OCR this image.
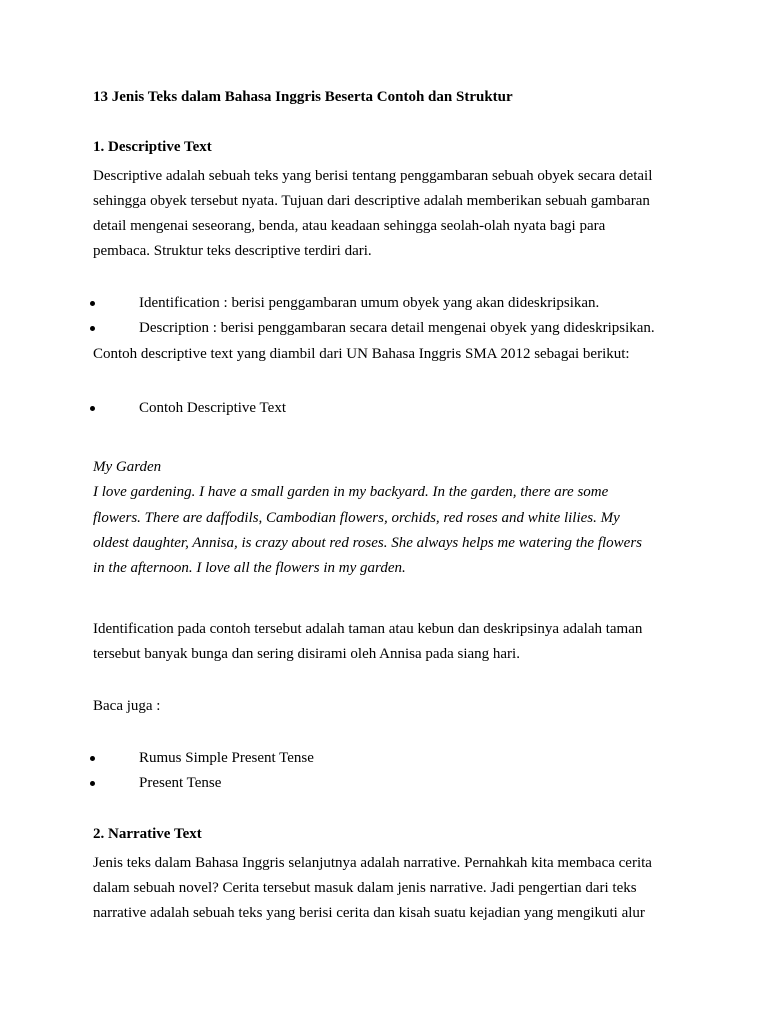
13 Jenis Teks dalam Bahasa Inggris Beserta Contoh dan Struktur

1. Descriptive Text

Descriptive adalah sebuah teks yang berisi tentang penggambaran sebuah obyek secara detail

sehingga obyek tersebut nyata. Tujuan dari descriptive adalah memberikan sebuah gambaran

detail mengenai seseorang, benda, atau keadaan sehingga seolah-olah nyata bagi para

pembaca. Struktur teks descriptive terdiri dari.

Identification : berisi penggambaran umum obyek yang akan dideskripsikan.

Description : berisi penggambaran secara detail mengenai obyek yang dideskripsikan.

Contoh descriptive text yang diambil dari UN Bahasa Inggris SMA 2012 sebagai berikut:

Contoh Descriptive Text

My Garden

I love gardening. I have a small garden in my backyard. In the garden, there are some

flowers. There are daffodils, Cambodian flowers, orchids, red roses and white lilies. My

oldest daughter, Annisa, is crazy about red roses. She always helps me watering the flowers

in the afternoon. I love all the flowers in my garden.

Identification pada contoh tersebut adalah taman atau kebun dan deskripsinya adalah taman

tersebut banyak bunga dan sering disirami oleh Annisa pada siang hari.

Baca juga :

Rumus Simple Present Tense

Present Tense

2. Narrative Text

Jenis teks dalam Bahasa Inggris selanjutnya adalah narrative. Pernahkah kita membaca cerita

dalam sebuah novel? Cerita tersebut masuk dalam jenis narrative. Jadi pengertian dari teks

narrative adalah sebuah teks yang berisi cerita dan kisah suatu kejadian yang mengikuti alur
